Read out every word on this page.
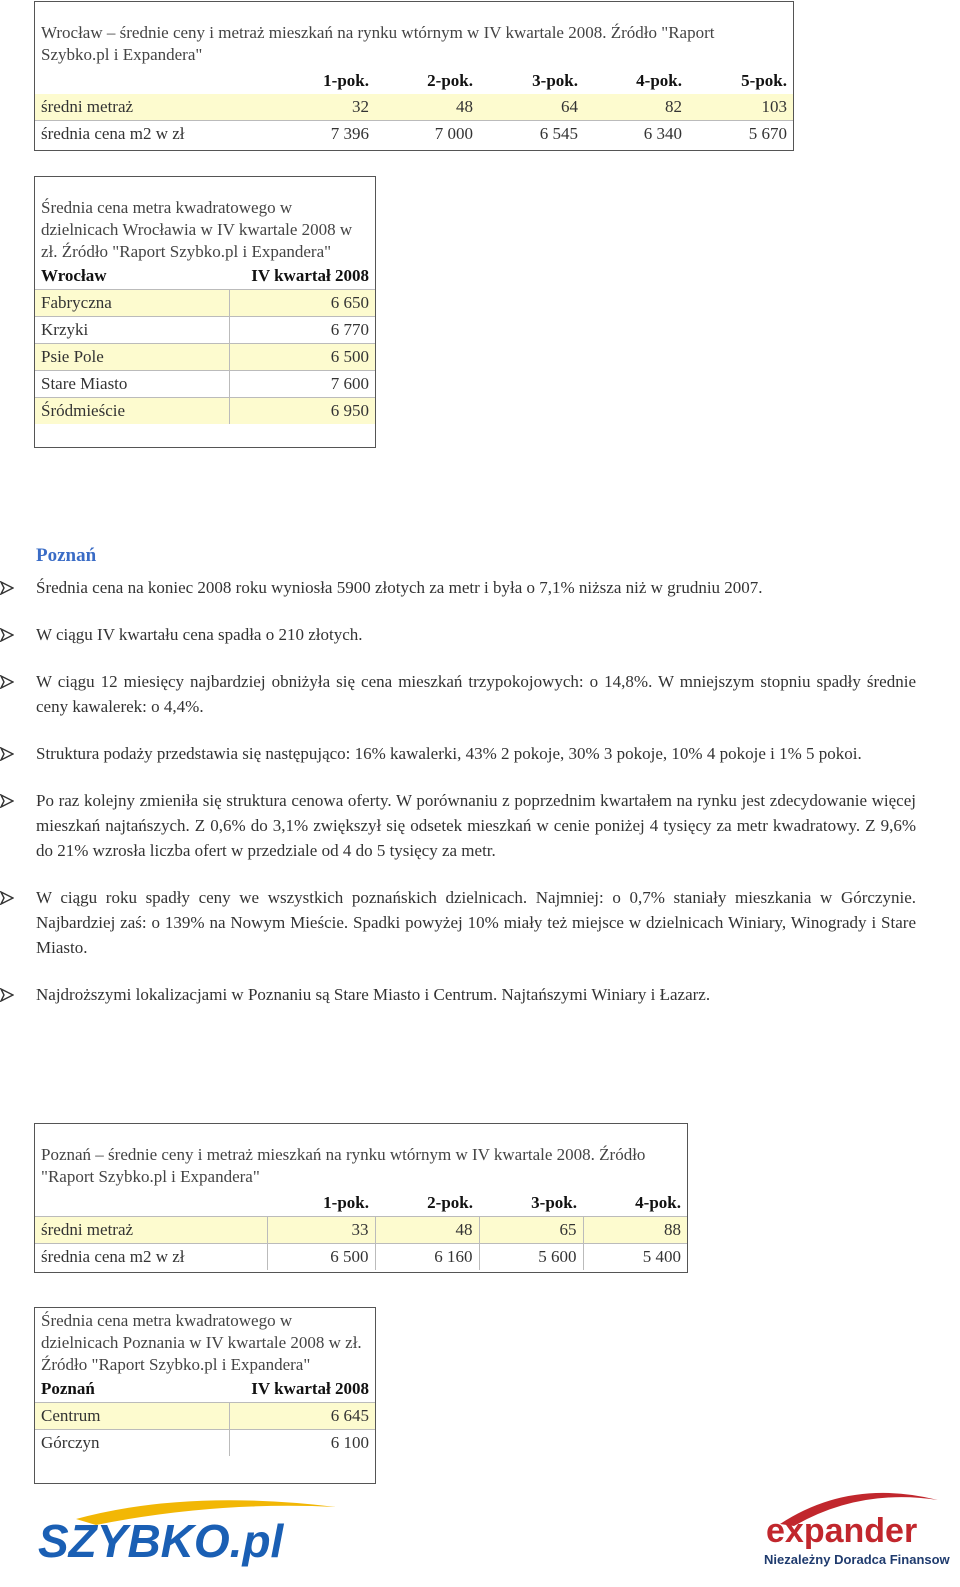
Wrocław – średnie ceny i metraż mieszkań na rynku wtórnym w IV kwartale 2008. Źródło "Raport Szybko.pl i Expandera"
	1-pok.	2-pok.	3-pok.	4-pok.	5-pok.
średni metraż	32	48	64	82	103
średnia cena m2 w zł	7 396	7 000	6 545	6 340	5 670
Średnia cena metra kwadratowego w dzielnicach Wrocławia w IV kwartale 2008 w zł. Źródło "Raport Szybko.pl i Expandera"
Wrocław	IV kwartał 2008
Fabryczna	6 650
Krzyki	6 770
Psie Pole	6 500
Stare Miasto	7 600
Śródmieście	6 950
Poznań
Średnia cena na koniec 2008 roku wyniosła 5900 złotych za metr i była o 7,1% niższa niż w grudniu 2007.
W ciągu IV kwartału cena spadła o 210 złotych.
W ciągu 12 miesięcy najbardziej obniżyła się cena mieszkań trzypokojowych: o 14,8%. W mniejszym stopniu spadły średnie ceny kawalerek: o 4,4%.
Struktura podaży przedstawia się następująco: 16% kawalerki, 43% 2 pokoje, 30% 3 pokoje, 10% 4 pokoje i 1% 5 pokoi.
Po raz kolejny zmieniła się struktura cenowa oferty. W porównaniu z poprzednim kwartałem na rynku jest zdecydowanie więcej mieszkań najtańszych. Z 0,6% do 3,1% zwiększył się odsetek mieszkań w cenie poniżej 4 tysięcy za metr kwadratowy. Z 9,6% do 21% wzrosła liczba ofert w przedziale od 4 do 5 tysięcy za metr.
W ciągu roku spadły ceny we wszystkich poznańskich dzielnicach. Najmniej: o 0,7% staniały mieszkania w Górczynie. Najbardziej zaś: o 139% na Nowym Mieście. Spadki powyżej 10% miały też miejsce w dzielnicach Winiary, Winogrady i Stare Miasto.
Najdroższymi lokalizacjami w Poznaniu są Stare Miasto i Centrum. Najtańszymi Winiary i Łazarz.
Poznań – średnie ceny i metraż mieszkań na rynku wtórnym w IV kwartale 2008. Źródło "Raport Szybko.pl i Expandera"
	1-pok.	2-pok.	3-pok.	4-pok.
średni metraż	33	48	65	88
średnia cena m2 w zł	6 500	6 160	5 600	5 400
Średnia cena metra kwadratowego w dzielnicach Poznania w IV kwartale 2008 w zł. Źródło "Raport Szybko.pl i Expandera"
Poznań	IV kwartał 2008
Centrum	6 645
Górczyn	6 100
SZYBKO.pl	expander
Niezależny Doradca Finansowy
